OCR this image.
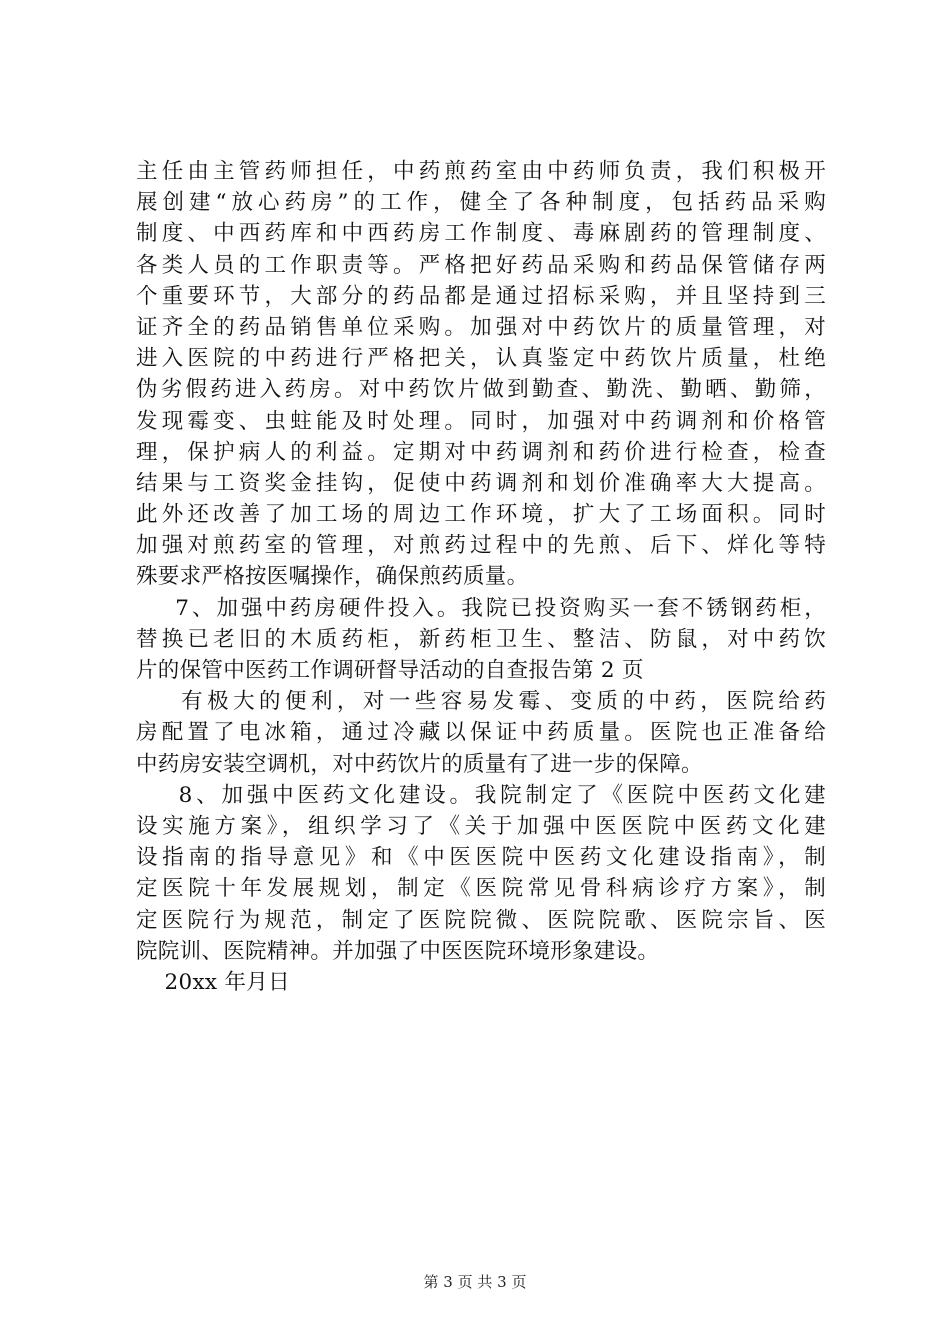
主任由主管药师担任，中药煎药室由中药师负责，我们积极开
展创建“放心药房”的工作，健全了各种制度，包括药品采购
制度、中西药库和中西药房工作制度、毒麻剧药的管理制度、
各类人员的工作职责等。严格把好药品采购和药品保管储存两
个重要环节，大部分的药品都是通过招标采购，并且坚持到三
证齐全的药品销售单位采购。加强对中药饮片的质量管理，对
进入医院的中药进行严格把关，认真鉴定中药饮片质量，杜绝
伪劣假药进入药房。对中药饮片做到勤查、勤洗、勤晒、勤筛，
发现霉变、虫蛀能及时处理。同时，加强对中药调剂和价格管
理，保护病人的利益。定期对中药调剂和药价进行检查，检查
结果与工资奖金挂钩，促使中药调剂和划价准确率大大提高。
此外还改善了加工场的周边工作环境，扩大了工场面积。同时
加强对煎药室的管理，对煎药过程中的先煎、后下、烊化等特
殊要求严格按医嘱操作，确保煎药质量。
7、加强中药房硬件投入。我院已投资购买一套不锈钢药柜，
替换已老旧的木质药柜，新药柜卫生、整洁、防鼠，对中药饮
片的保管中医药工作调研督导活动的自查报告第 2 页
有极大的便利，对一些容易发霉、变质的中药，医院给药
房配置了电冰箱，通过冷藏以保证中药质量。医院也正准备给
中药房安装空调机，对中药饮片的质量有了进一步的保障。
8、加强中医药文化建设。我院制定了《医院中医药文化建
设实施方案》，组织学习了《关于加强中医医院中医药文化建
设指南的指导意见》和《中医医院中医药文化建设指南》，制
定医院十年发展规划，制定《医院常见骨科病诊疗方案》，制
定医院行为规范，制定了医院院微、医院院歌、医院宗旨、医
院院训、医院精神。并加强了中医医院环境形象建设。
20xx 年月日
第 3 页 共 3 页
